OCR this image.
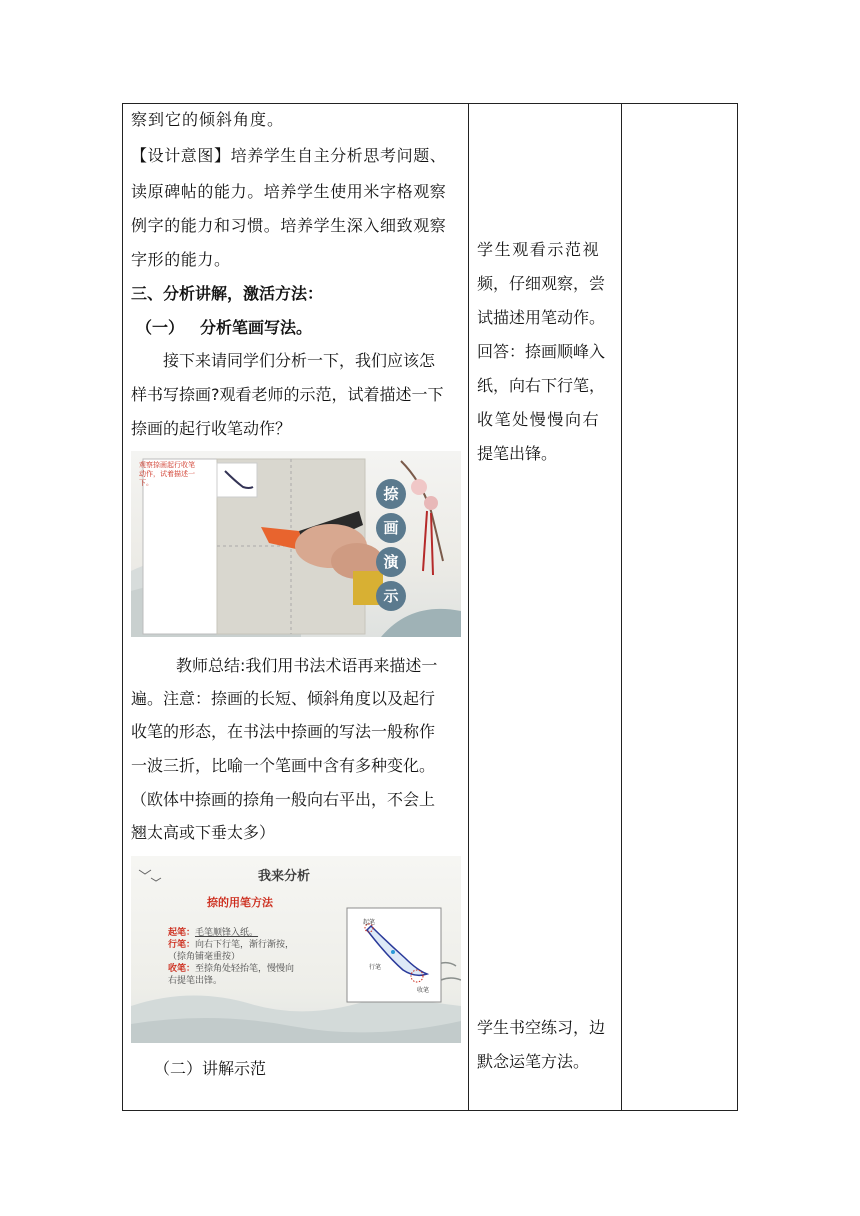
察到它的倾斜角度。
【设计意图】培养学生自主分析思考问题、
读原碑帖的能力。培养学生使用米字格观察
例字的能力和习惯。培养学生深入细致观察
字形的能力。
三、分析讲解，激活方法：
（一） 分析笔画写法。
接下来请同学们分析一下，我们应该怎
样书写捺画?观看老师的示范，试着描述一下
捺画的起行收笔动作？
观察捺画起行收笔
动作，试着描述一
下。
捺
画
演
示
教师总结:我们用书法术语再来描述一
遍。注意：捺画的长短、倾斜角度以及起行
收笔的形态，在书法中捺画的写法一般称作
一波三折，比喻一个笔画中含有多种变化。
（欧体中捺画的捺角一般向右平出，不会上
翘太高或下垂太多）
我来分析
捺的用笔方法
起笔：毛笔顺锋入纸。
行笔：向右下行笔，渐行渐按，
（捺角铺毫重按）
收笔：至捺角处轻抬笔，慢慢向
右提笔出锋。
起笔
行笔
收笔
（二）讲解示范
学生观看示范视
频，仔细观察，尝
试描述用笔动作。
回答：捺画顺峰入
纸，向右下行笔，
收笔处慢慢向右
提笔出锋。
学生书空练习，边
默念运笔方法。
